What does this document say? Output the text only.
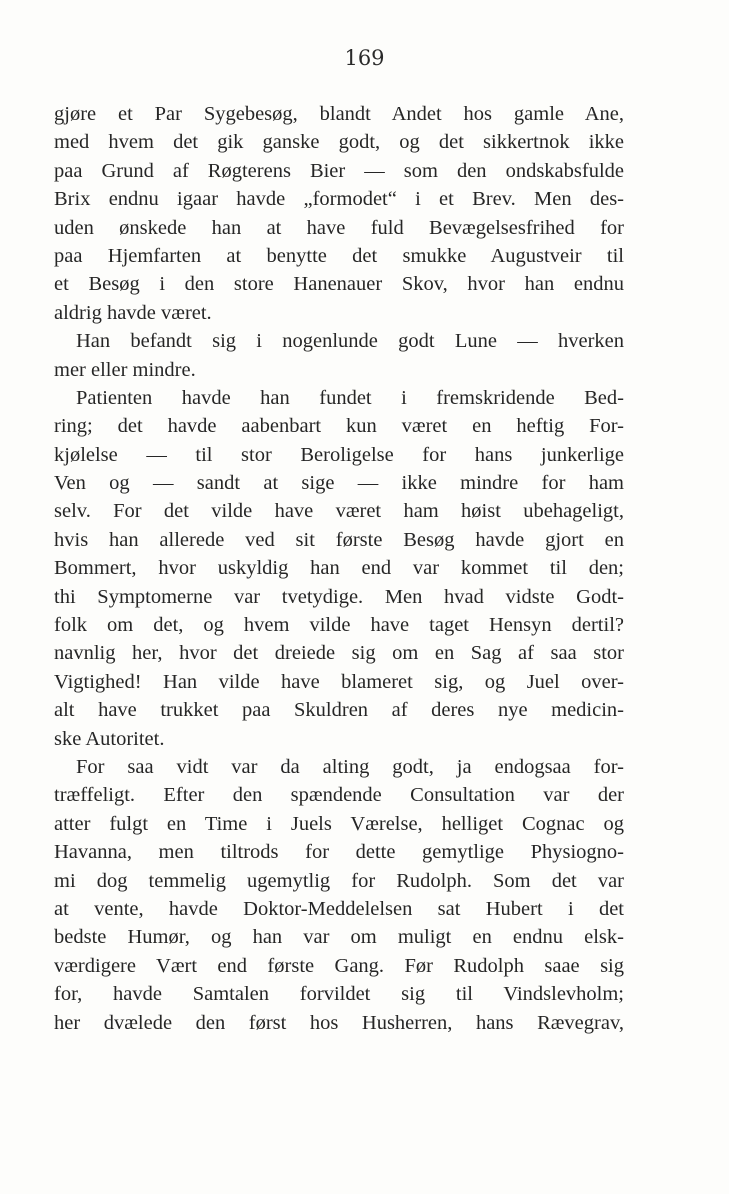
169
gjøre et Par Sygebesøg, blandt Andet hos gamle Ane,
med hvem det gik ganske godt, og det sikkertnok ikke
paa Grund af Røgterens Bier — som den ondskabsfulde
Brix endnu igaar havde „formodet“ i et Brev. Men des-
uden ønskede han at have fuld Bevægelsesfrihed for
paa Hjemfarten at benytte det smukke Augustveir til
et Besøg i den store Hanenauer Skov, hvor han endnu
aldrig havde været.
Han befandt sig i nogenlunde godt Lune — hverken
mer eller mindre.
Patienten havde han fundet i fremskridende Bed-
ring; det havde aabenbart kun været en heftig For-
kjølelse — til stor Beroligelse for hans junkerlige
Ven og — sandt at sige — ikke mindre for ham
selv. For det vilde have været ham høist ubehageligt,
hvis han allerede ved sit første Besøg havde gjort en
Bommert, hvor uskyldig han end var kommet til den;
thi Symptomerne var tvetydige. Men hvad vidste Godt-
folk om det, og hvem vilde have taget Hensyn dertil?
navnlig her, hvor det dreiede sig om en Sag af saa stor
Vigtighed! Han vilde have blameret sig, og Juel over-
alt have trukket paa Skuldren af deres nye medicin-
ske Autoritet.
For saa vidt var da alting godt, ja endogsaa for-
træffeligt. Efter den spændende Consultation var der
atter fulgt en Time i Juels Værelse, helliget Cognac og
Havanna, men tiltrods for dette gemytlige Physiogno-
mi dog temmelig ugemytlig for Rudolph. Som det var
at vente, havde Doktor-Meddelelsen sat Hubert i det
bedste Humør, og han var om muligt en endnu elsk-
værdigere Vært end første Gang. Før Rudolph saae sig
for, havde Samtalen forvildet sig til Vindslevholm;
her dvælede den først hos Husherren, hans Rævegrav,
